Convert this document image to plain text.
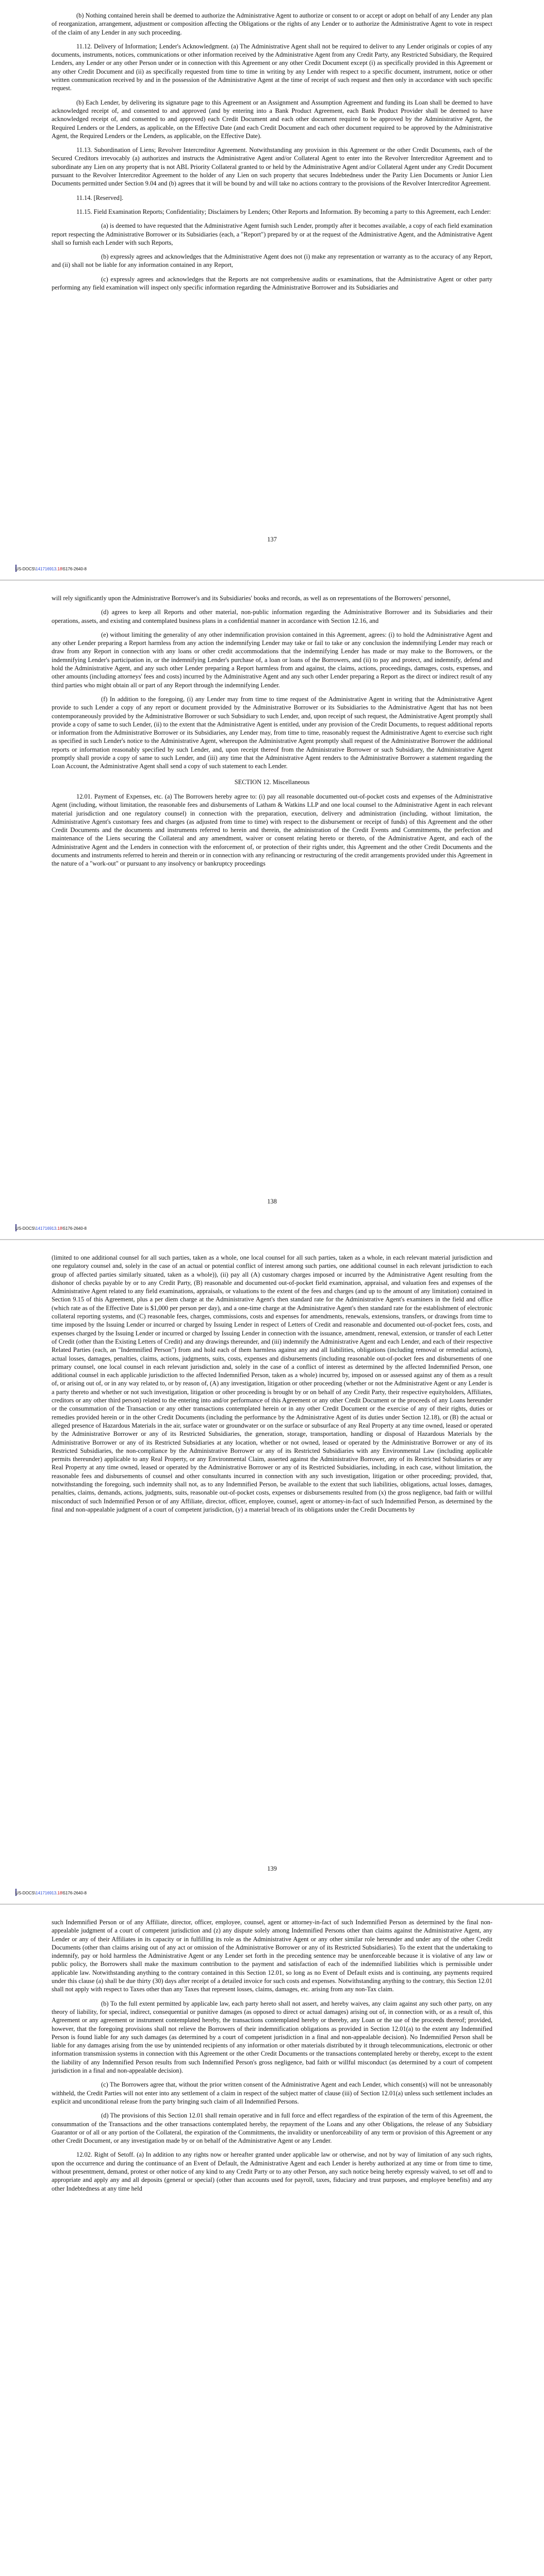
(b) Nothing contained herein shall be deemed to authorize the Administrative Agent to authorize or consent to or accept or adopt on behalf of any Lender any plan of reorganization, arrangement, adjustment or composition affecting the Obligations or the rights of any Lender or to authorize the Administrative Agent to vote in respect of the claim of any Lender in any such proceeding.

11.12. Delivery of Information; Lender's Acknowledgment. (a) The Administrative Agent shall not be required to deliver to any Lender originals or copies of any documents, instruments, notices, communications or other information received by the Administrative Agent from any Credit Party, any Restricted Subsidiary, the Required Lenders, any Lender or any other Person under or in connection with this Agreement or any other Credit Document except (i) as specifically provided in this Agreement or any other Credit Document and (ii) as specifically requested from time to time in writing by any Lender with respect to a specific document, instrument, notice or other written communication received by and in the possession of the Administrative Agent at the time of receipt of such request and then only in accordance with such specific request.

(b) Each Lender, by delivering its signature page to this Agreement or an Assignment and Assumption Agreement and funding its Loan shall be deemed to have acknowledged receipt of, and consented to and approved (and by entering into a Bank Product Agreement, each Bank Product Provider shall be deemed to have acknowledged receipt of, and consented to and approved) each Credit Document and each other document required to be approved by the Administrative Agent, the Required Lenders or the Lenders, as applicable, on the Effective Date (and each Credit Document and each other document required to be approved by the Administrative Agent, the Required Lenders or the Lenders, as applicable, on the Effective Date).

11.13. Subordination of Liens; Revolver Intercreditor Agreement. Notwithstanding any provision in this Agreement or the other Credit Documents, each of the Secured Creditors irrevocably (a) authorizes and instructs the Administrative Agent and/or Collateral Agent to enter into the Revolver Intercreditor Agreement and to subordinate any Lien on any property that is not ABL Priority Collateral granted to or held by the Administrative Agent and/or Collateral Agent under any Credit Document pursuant to the Revolver Intercreditor Agreement to the holder of any Lien on such property that secures Indebtedness under the Parity Lien Documents or Junior Lien Documents permitted under Section 9.04 and (b) agrees that it will be bound by and will take no actions contrary to the provisions of the Revolver Intercreditor Agreement.

11.14. [Reserved].

11.15. Field Examination Reports; Confidentiality; Disclaimers by Lenders; Other Reports and Information. By becoming a party to this Agreement, each Lender:

(a) is deemed to have requested that the Administrative Agent furnish such Lender, promptly after it becomes available, a copy of each field examination report respecting the Administrative Borrower or its Subsidiaries (each, a "Report") prepared by or at the request of the Administrative Agent, and the Administrative Agent shall so furnish each Lender with such Reports,

(b) expressly agrees and acknowledges that the Administrative Agent does not (i) make any representation or warranty as to the accuracy of any Report, and (ii) shall not be liable for any information contained in any Report,

(c) expressly agrees and acknowledges that the Reports are not comprehensive audits or examinations, that the Administrative Agent or other party performing any field examination will inspect only specific information regarding the Administrative Borrower and its Subsidiaries and

137
US-DOCS\141716913.18\5176-2640-8

will rely significantly upon the Administrative Borrower's and its Subsidiaries' books and records, as well as on representations of the Borrowers' personnel,

(d) agrees to keep all Reports and other material, non-public information regarding the Administrative Borrower and its Subsidiaries and their operations, assets, and existing and contemplated business plans in a confidential manner in accordance with Section 12.16, and

(e) without limiting the generality of any other indemnification provision contained in this Agreement, agrees: (i) to hold the Administrative Agent and any other Lender preparing a Report harmless from any action the indemnifying Lender may take or fail to take or any conclusion the indemnifying Lender may reach or draw from any Report in connection with any loans or other credit accommodations that the indemnifying Lender has made or may make to the Borrowers, or the indemnifying Lender's participation in, or the indemnifying Lender's purchase of, a loan or loans of the Borrowers, and (ii) to pay and protect, and indemnify, defend and hold the Administrative Agent, and any such other Lender preparing a Report harmless from and against, the claims, actions, proceedings, damages, costs, expenses, and other amounts (including attorneys' fees and costs) incurred by the Administrative Agent and any such other Lender preparing a Report as the direct or indirect result of any third parties who might obtain all or part of any Report through the indemnifying Lender.

(f) In addition to the foregoing, (i) any Lender may from time to time request of the Administrative Agent in writing that the Administrative Agent provide to such Lender a copy of any report or document provided by the Administrative Borrower or its Subsidiaries to the Administrative Agent that has not been contemporaneously provided by the Administrative Borrower or such Subsidiary to such Lender, and, upon receipt of such request, the Administrative Agent promptly shall provide a copy of same to such Lender, (ii) to the extent that the Administrative Agent is entitled, under any provision of the Credit Documents, to request additional reports or information from the Administrative Borrower or its Subsidiaries, any Lender may, from time to time, reasonably request the Administrative Agent to exercise such right as specified in such Lender's notice to the Administrative Agent, whereupon the Administrative Agent promptly shall request of the Administrative Borrower the additional reports or information reasonably specified by such Lender, and, upon receipt thereof from the Administrative Borrower or such Subsidiary, the Administrative Agent promptly shall provide a copy of same to such Lender, and (iii) any time that the Administrative Agent renders to the Administrative Borrower a statement regarding the Loan Account, the Administrative Agent shall send a copy of such statement to each Lender.

SECTION 12. Miscellaneous

12.01. Payment of Expenses, etc. (a) The Borrowers hereby agree to: (i) pay all reasonable documented out-of-pocket costs and expenses of the Administrative Agent (including, without limitation, the reasonable fees and disbursements of Latham & Watkins LLP and one local counsel to the Administrative Agent in each relevant material jurisdiction and one regulatory counsel) in connection with the preparation, execution, delivery and administration (including, without limitation, the Administrative Agent's customary fees and charges (as adjusted from time to time) with respect to the disbursement or receipt of funds) of this Agreement and the other Credit Documents and the documents and instruments referred to herein and therein, the administration of the Credit Events and Commitments, the perfection and maintenance of the Liens securing the Collateral and any amendment, waiver or consent relating hereto or thereto, of the Administrative Agent, and each of the Administrative Agent and the Lenders in connection with the enforcement of, or protection of their rights under, this Agreement and the other Credit Documents and the documents and instruments referred to herein and therein or in connection with any refinancing or restructuring of the credit arrangements provided under this Agreement in the nature of a "work-out" or pursuant to any insolvency or bankruptcy proceedings

138
US-DOCS\141716913.18\5176-2640-8

(limited to one additional counsel for all such parties, taken as a whole, one local counsel for all such parties, taken as a whole, in each relevant material jurisdiction and one regulatory counsel and, solely in the case of an actual or potential conflict of interest among such parties, one additional counsel in each relevant jurisdiction to each group of affected parties similarly situated, taken as a whole)), (ii) pay all (A) customary charges imposed or incurred by the Administrative Agent resulting from the dishonor of checks payable by or to any Credit Party, (B) reasonable and documented out-of-pocket field examination, appraisal, and valuation fees and expenses of the Administrative Agent related to any field examinations, appraisals, or valuations to the extent of the fees and charges (and up to the amount of any limitation) contained in Section 9.15 of this Agreement, plus a per diem charge at the Administrative Agent's then standard rate for the Administrative Agent's examiners in the field and office (which rate as of the Effective Date is $1,000 per person per day), and a one-time charge at the Administrative Agent's then standard rate for the establishment of electronic collateral reporting systems, and (C) reasonable fees, charges, commissions, costs and expenses for amendments, renewals, extensions, transfers, or drawings from time to time imposed by the Issuing Lender or incurred or charged by Issuing Lender in respect of Letters of Credit and reasonable and documented out-of-pocket fees, costs, and expenses charged by the Issuing Lender or incurred or charged by Issuing Lender in connection with the issuance, amendment, renewal, extension, or transfer of each Letter of Credit (other than the Existing Letters of Credit) and any drawings thereunder, and (iii) indemnify the Administrative Agent and each Lender, and each of their respective Related Parties (each, an "Indemnified Person") from and hold each of them harmless against any and all liabilities, obligations (including removal or remedial actions), actual losses, damages, penalties, claims, actions, judgments, suits, costs, expenses and disbursements (including reasonable out-of-pocket fees and disbursements of one primary counsel, one local counsel in each relevant jurisdiction and, solely in the case of a conflict of interest as determined by the affected Indemnified Person, one additional counsel in each applicable jurisdiction to the affected Indemnified Person, taken as a whole) incurred by, imposed on or assessed against any of them as a result of, or arising out of, or in any way related to, or by reason of, (A) any investigation, litigation or other proceeding (whether or not the Administrative Agent or any Lender is a party thereto and whether or not such investigation, litigation or other proceeding is brought by or on behalf of any Credit Party, their respective equityholders, Affiliates, creditors or any other third person) related to the entering into and/or performance of this Agreement or any other Credit Document or the proceeds of any Loans hereunder or the consummation of the Transaction or any other transactions contemplated herein or in any other Credit Document or the exercise of any of their rights, duties or remedies provided herein or in the other Credit Documents (including the performance by the Administrative Agent of its duties under Section 12.18), or (B) the actual or alleged presence of Hazardous Materials in the air, surface water or groundwater or on the surface or subsurface of any Real Property at any time owned, leased or operated by the Administrative Borrower or any of its Restricted Subsidiaries, the generation, storage, transportation, handling or disposal of Hazardous Materials by the Administrative Borrower or any of its Restricted Subsidiaries at any location, whether or not owned, leased or operated by the Administrative Borrower or any of its Restricted Subsidiaries, the non-compliance by the Administrative Borrower or any of its Restricted Subsidiaries with any Environmental Law (including applicable permits thereunder) applicable to any Real Property, or any Environmental Claim, asserted against the Administrative Borrower, any of its Restricted Subsidiaries or any Real Property at any time owned, leased or operated by the Administrative Borrower or any of its Restricted Subsidiaries, including, in each case, without limitation, the reasonable fees and disbursements of counsel and other consultants incurred in connection with any such investigation, litigation or other proceeding; provided, that, notwithstanding the foregoing, such indemnity shall not, as to any Indemnified Person, be available to the extent that such liabilities, obligations, actual losses, damages, penalties, claims, demands, actions, judgments, suits, reasonable out-of-pocket costs, expenses or disbursements resulted from (x) the gross negligence, bad faith or willful misconduct of such Indemnified Person or of any Affiliate, director, officer, employee, counsel, agent or attorney-in-fact of such Indemnified Person, as determined by the final and non-appealable judgment of a court of competent jurisdiction, (y) a material breach of its obligations under the Credit Documents by

139
US-DOCS\141716913.18\5176-2640-8

such Indemnified Person or of any Affiliate, director, officer, employee, counsel, agent or attorney-in-fact of such Indemnified Person as determined by the final non-appealable judgment of a court of competent jurisdiction and (z) any dispute solely among Indemnified Persons other than claims against the Administrative Agent, any Lender or any of their Affiliates in its capacity or in fulfilling its role as the Administrative Agent or any other similar role hereunder and under any of the other Credit Documents (other than claims arising out of any act or omission of the Administrative Borrower or any of its Restricted Subsidiaries). To the extent that the undertaking to indemnify, pay or hold harmless the Administrative Agent or any Lender set forth in the preceding sentence may be unenforceable because it is violative of any law or public policy, the Borrowers shall make the maximum contribution to the payment and satisfaction of each of the indemnified liabilities which is permissible under applicable law. Notwithstanding anything to the contrary contained in this Section 12.01, so long as no Event of Default exists and is continuing, any payments required under this clause (a) shall be due thirty (30) days after receipt of a detailed invoice for such costs and expenses. Notwithstanding anything to the contrary, this Section 12.01 shall not apply with respect to Taxes other than any Taxes that represent losses, claims, damages, etc. arising from any non-Tax claim.

(b) To the full extent permitted by applicable law, each party hereto shall not assert, and hereby waives, any claim against any such other party, on any theory of liability, for special, indirect, consequential or punitive damages (as opposed to direct or actual damages) arising out of, in connection with, or as a result of, this Agreement or any agreement or instrument contemplated hereby, the transactions contemplated hereby or thereby, any Loan or the use of the proceeds thereof; provided, however, that the foregoing provisions shall not relieve the Borrowers of their indemnification obligations as provided in Section 12.01(a) to the extent any Indemnified Person is found liable for any such damages (as determined by a court of competent jurisdiction in a final and non-appealable decision). No Indemnified Person shall be liable for any damages arising from the use by unintended recipients of any information or other materials distributed by it through telecommunications, electronic or other information transmission systems in connection with this Agreement or the other Credit Documents or the transactions contemplated hereby or thereby, except to the extent the liability of any Indemnified Person results from such Indemnified Person's gross negligence, bad faith or willful misconduct (as determined by a court of competent jurisdiction in a final and non-appealable decision).

(c) The Borrowers agree that, without the prior written consent of the Administrative Agent and each Lender, which consent(s) will not be unreasonably withheld, the Credit Parties will not enter into any settlement of a claim in respect of the subject matter of clause (iii) of Section 12.01(a) unless such settlement includes an explicit and unconditional release from the party bringing such claim of all Indemnified Persons.

(d) The provisions of this Section 12.01 shall remain operative and in full force and effect regardless of the expiration of the term of this Agreement, the consummation of the Transactions and the other transactions contemplated hereby, the repayment of the Loans and any other Obligations, the release of any Subsidiary Guarantor or of all or any portion of the Collateral, the expiration of the Commitments, the invalidity or unenforceability of any term or provision of this Agreement or any other Credit Document, or any investigation made by or on behalf of the Administrative Agent or any Lender.

12.02. Right of Setoff. (a) In addition to any rights now or hereafter granted under applicable law or otherwise, and not by way of limitation of any such rights, upon the occurrence and during the continuance of an Event of Default, the Administrative Agent and each Lender is hereby authorized at any time or from time to time, without presentment, demand, protest or other notice of any kind to any Credit Party or to any other Person, any such notice being hereby expressly waived, to set off and to appropriate and apply any and all deposits (general or special) (other than accounts used for payroll, taxes, fiduciary and trust purposes, and employee benefits) and any other Indebtedness at any time held
